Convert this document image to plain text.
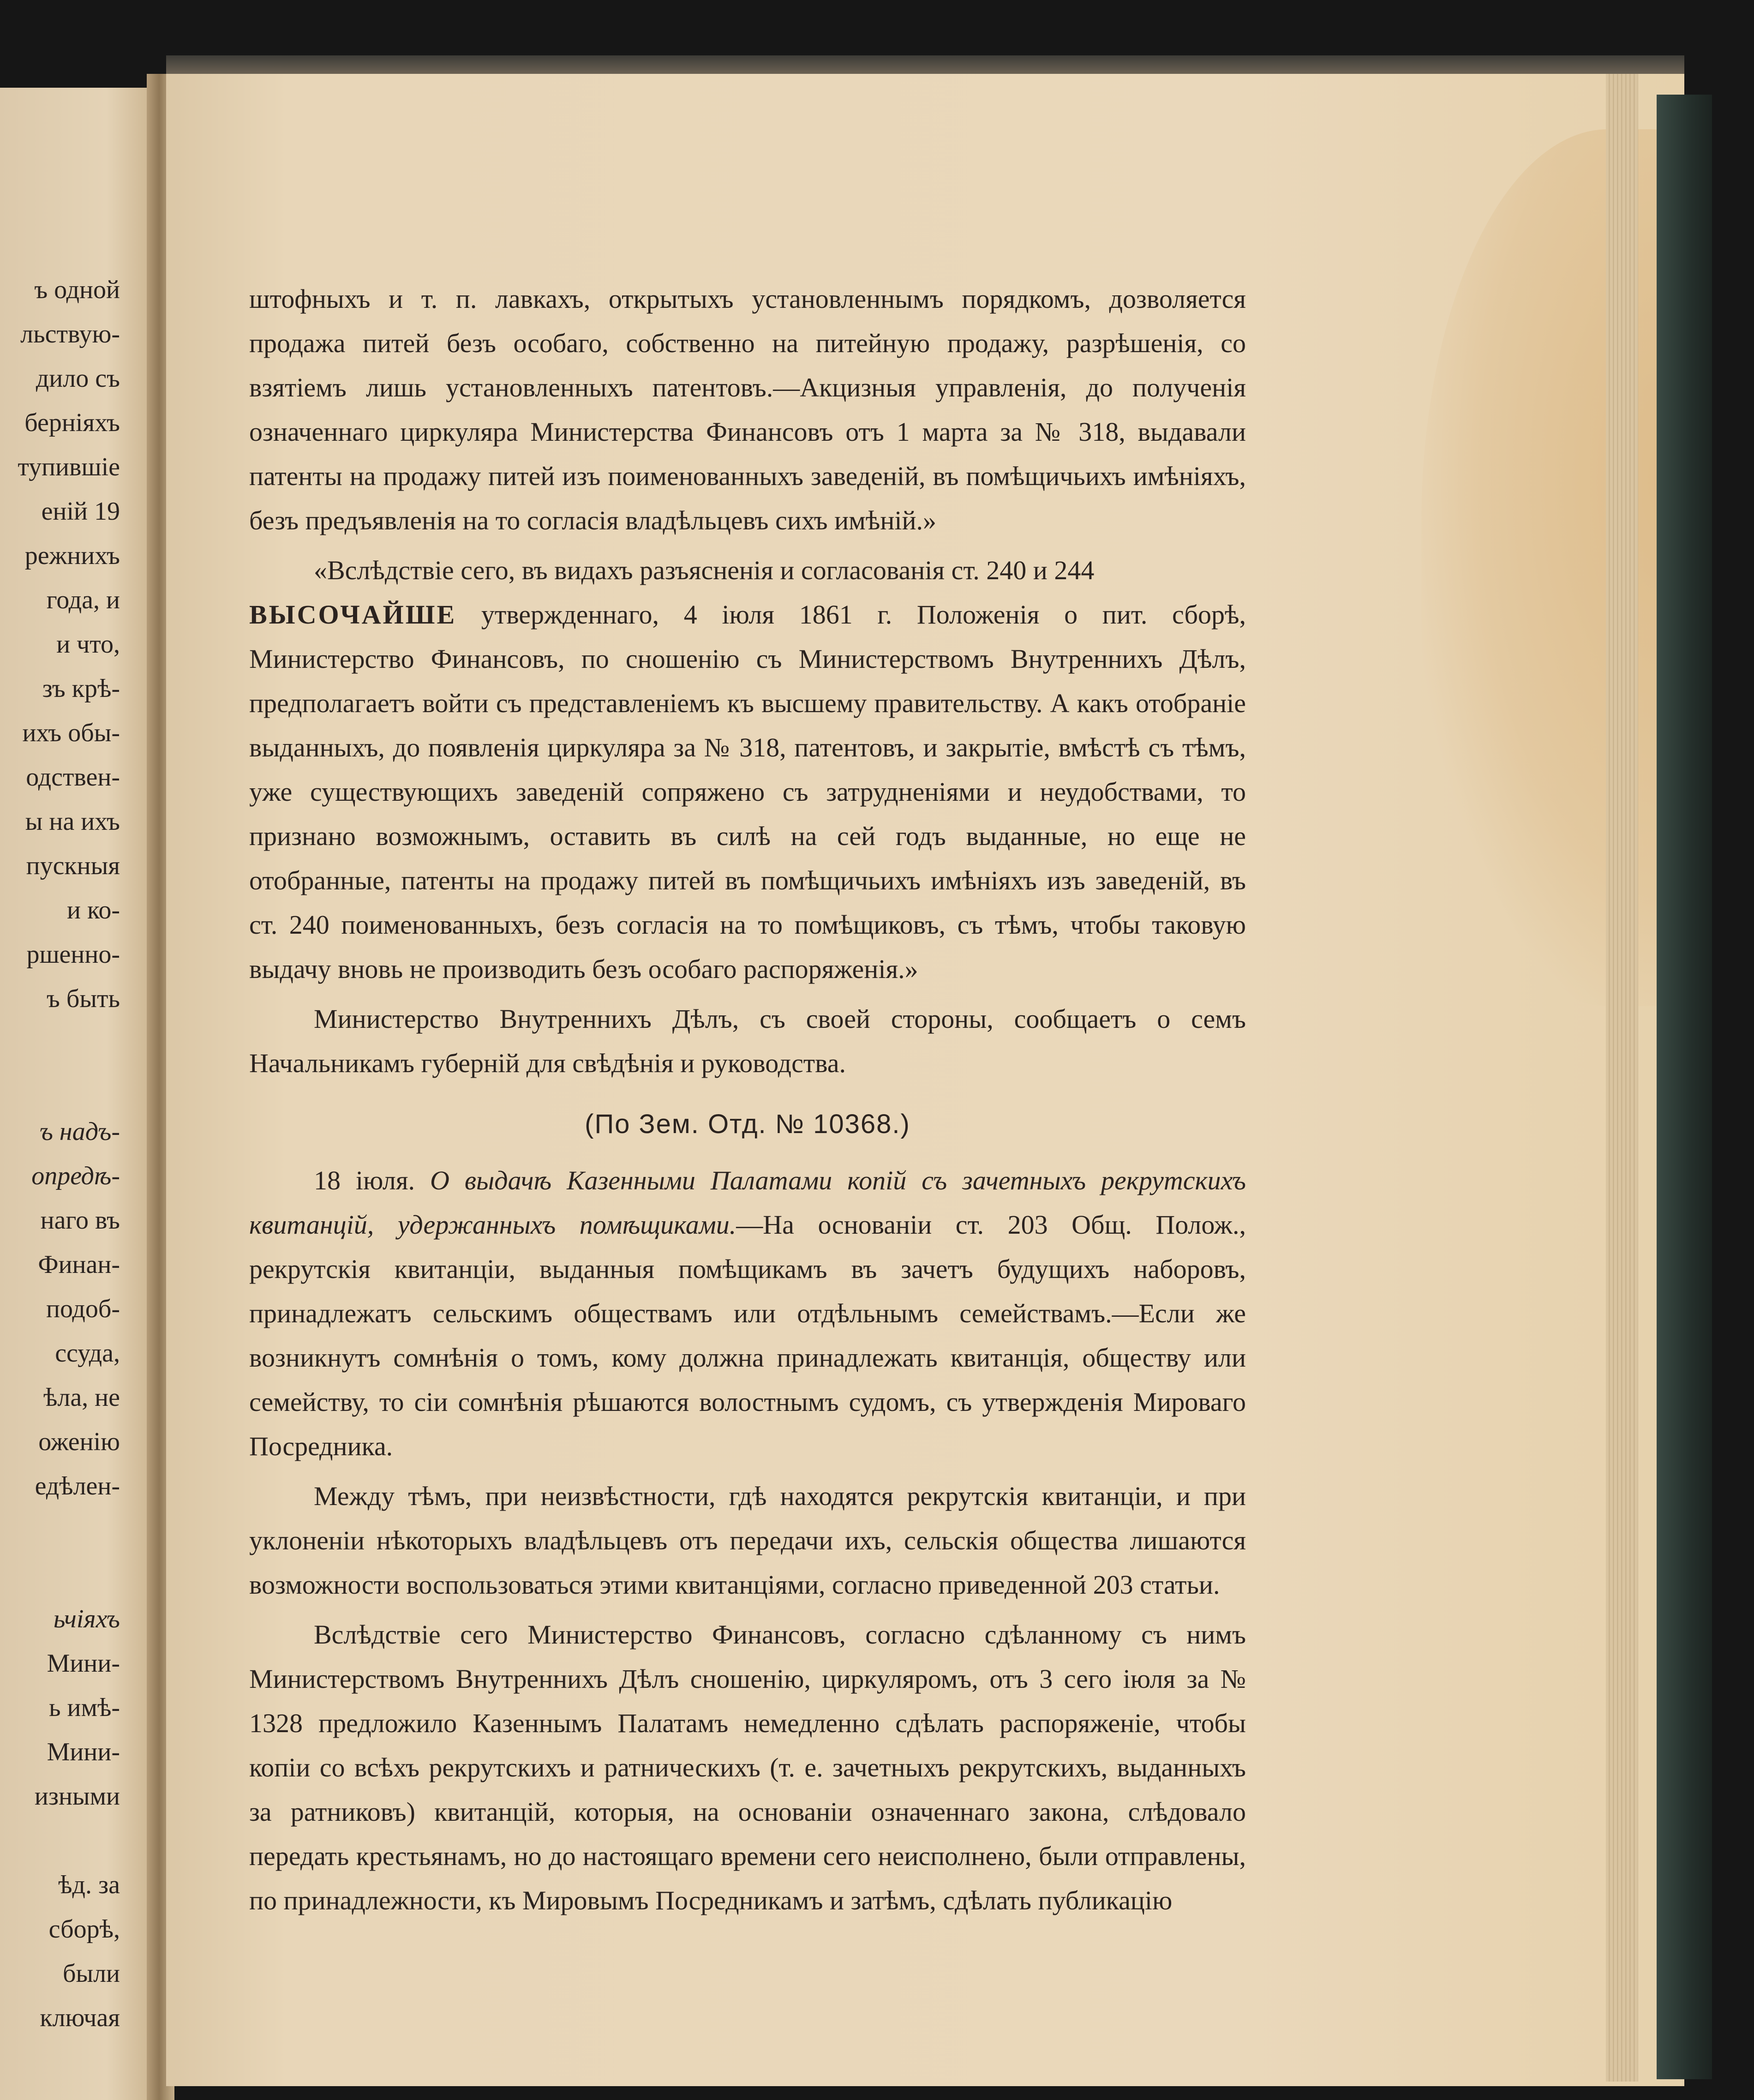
ъ одной
льствую-
дило съ
берніяхъ
тупившіе
еній 19
режнихъ
года, и
и что,
зъ крѣ-
ихъ обы-
одствен-
ы на ихъ
пускныя
и ко-
ршенно-
ъ быть
ъ надъ-
опредѣ-
наго въ
Финан-
подоб-
ссуда,
ѣла, не
оженію
едѣлен-
ьчіяхъ
Мини-
ь имѣ-
Мини-
изными
ѣд. за
сборѣ,
были
ключая

штофныхъ и т. п. лавкахъ, открытыхъ установленнымъ порядкомъ, дозволяется продажа питей безъ особаго, собственно на питейную продажу, разрѣшенія, со взятіемъ лишь установленныхъ патентовъ.—Акцизныя управленія, до полученія означеннаго циркуляра Министерства Финансовъ отъ 1 марта за № 318, выдавали патенты на продажу питей изъ поименованныхъ заведеній, въ помѣщичьихъ имѣніяхъ, безъ предъявленія на то согласія владѣльцевъ сихъ имѣній.»

«Вслѣдствіе сего, въ видахъ разъясненія и согласованія ст. 240 и 244
ВЫСОЧАЙШЕ утвержденнаго, 4 іюля 1861 г. Положенія о пит. сборѣ, Министерство Финансовъ, по сношенію съ Министерствомъ Внутреннихъ Дѣлъ, предполагаетъ войти съ представленіемъ къ высшему правительству. А какъ отобраніе выданныхъ, до появленія циркуляра за № 318, патентовъ, и закрытіе, вмѣстѣ съ тѣмъ, уже существующихъ заведеній сопряжено съ затрудненіями и неудобствами, то признано возможнымъ, оставить въ силѣ на сей годъ выданные, но еще не отобранные, патенты на продажу питей въ помѣщичьихъ имѣніяхъ изъ заведеній, въ ст. 240 поименованныхъ, безъ согласія на то помѣщиковъ, съ тѣмъ, чтобы таковую выдачу вновь не производить безъ особаго распоряженія.»

Министерство Внутреннихъ Дѣлъ, съ своей стороны, сообщаетъ о семъ Начальникамъ губерній для свѣдѣнія и руководства.

(По Зем. Отд. № 10368.)

18 іюля. О выдачѣ Казенными Палатами копій съ зачетныхъ рекрутскихъ квитанцій, удержанныхъ помѣщиками.—На основаніи ст. 203 Общ. Полож., рекрутскія квитанціи, выданныя помѣщикамъ въ зачетъ будущихъ наборовъ, принадлежатъ сельскимъ обществамъ или отдѣльнымъ семействамъ.—Если же возникнутъ сомнѣнія о томъ, кому должна принадлежать квитанція, обществу или семейству, то сіи сомнѣнія рѣшаются волостнымъ судомъ, съ утвержденія Мироваго Посредника.

Между тѣмъ, при неизвѣстности, гдѣ находятся рекрутскія квитанціи, и при уклоненіи нѣкоторыхъ владѣльцевъ отъ передачи ихъ, сельскія общества лишаются возможности воспользоваться этими квитанціями, согласно приведенной 203 статьи.

Вслѣдствіе сего Министерство Финансовъ, согласно сдѣланному съ нимъ Министерствомъ Внутреннихъ Дѣлъ сношенію, циркуляромъ, отъ 3 сего іюля за № 1328 предложило Казеннымъ Палатамъ немедленно сдѣлать распоряженіе, чтобы копіи со всѣхъ рекрутскихъ и ратническихъ (т. е. зачетныхъ рекрутскихъ, выданныхъ за ратниковъ) квитанцій, которыя, на основаніи означеннаго закона, слѣдовало передать крестьянамъ, но до настоящаго времени сего неисполнено, были отправлены, по принадлежности, къ Мировымъ Посредникамъ и затѣмъ, сдѣлать публикацію
